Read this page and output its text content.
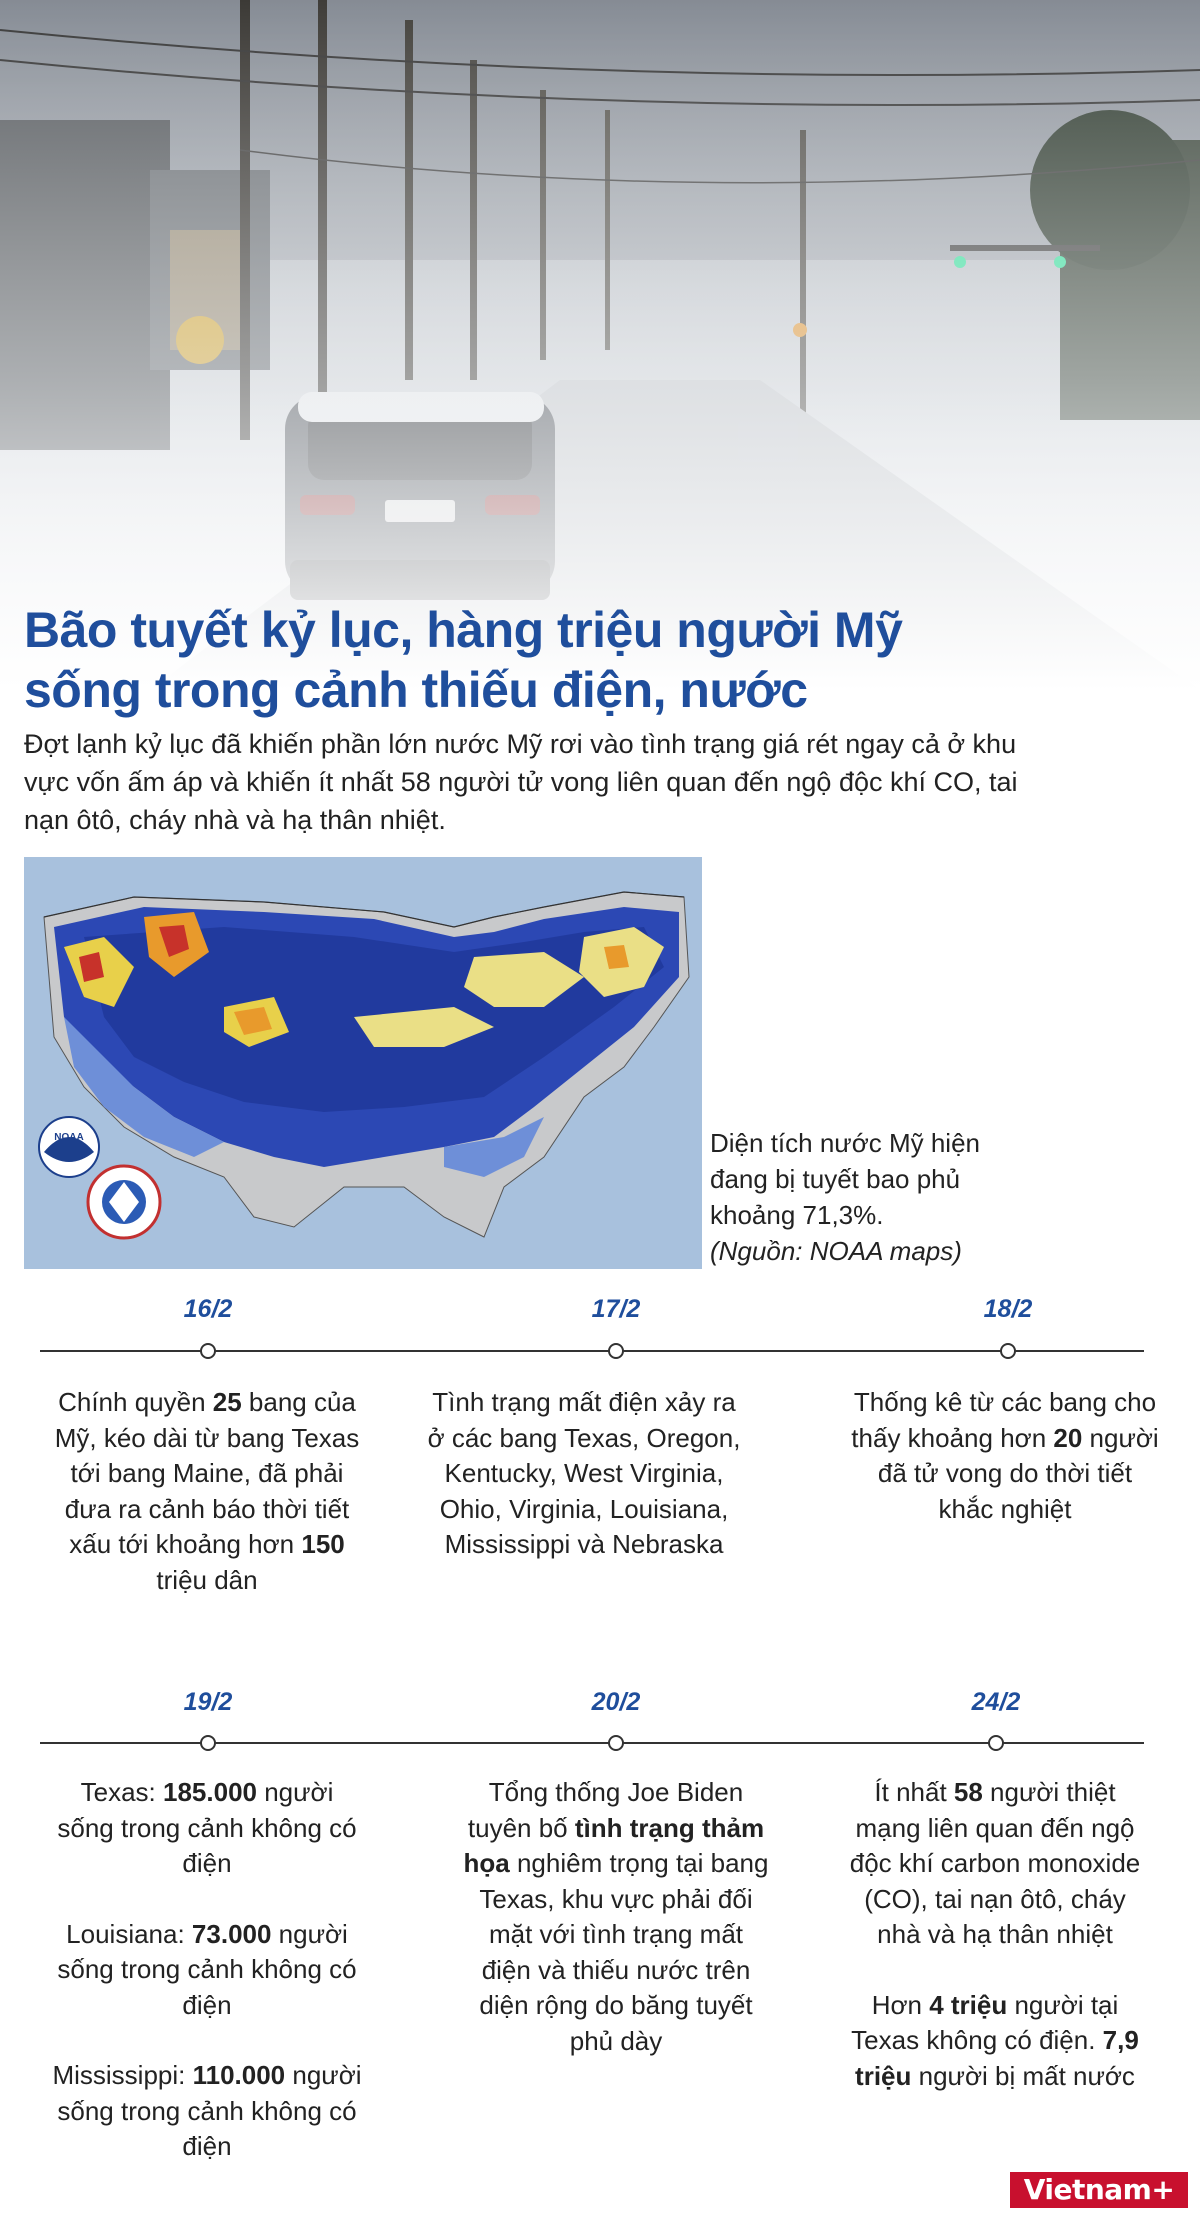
Bão tuyết kỷ lục, hàng triệu người Mỹ
sống trong cảnh thiếu điện, nước

Đợt lạnh kỷ lục đã khiến phần lớn nước Mỹ rơi vào tình trạng giá rét ngay cả ở khu vực vốn ấm áp và khiến ít nhất 58 người tử vong liên quan đến ngộ độc khí CO, tai nạn ôtô, cháy nhà và hạ thân nhiệt.

NOAA	Diện tích nước Mỹ hiện
đang bị tuyết bao phủ
khoảng 71,3%.
(Nguồn: NOAA maps)
16/2
Chính quyền 25 bang của Mỹ, kéo dài từ bang Texas tới bang Maine, đã phải đưa ra cảnh báo thời tiết xấu tới khoảng hơn 150 triệu dân
17/2
Tình trạng mất điện xảy ra ở các bang Texas, Oregon, Kentucky, West Virginia, Ohio, Virginia, Louisiana, Mississippi và Nebraska
18/2
Thống kê từ các bang cho thấy khoảng hơn 20 người đã tử vong do thời tiết khắc nghiệt
19/2

Texas: 185.000 người sống trong cảnh không có điện

Louisiana: 73.000 người sống trong cảnh không có điện

Mississippi: 110.000 người sống trong cảnh không có điện

20/2
Tổng thống Joe Biden tuyên bố tình trạng thảm họa nghiêm trọng tại bang Texas, khu vực phải đối mặt với tình trạng mất điện và thiếu nước trên diện rộng do băng tuyết phủ dày
24/2

Ít nhất 58 người thiệt mạng liên quan đến ngộ độc khí carbon monoxide (CO), tai nạn ôtô, cháy nhà và hạ thân nhiệt

Hơn 4 triệu người tại Texas không có điện. 7,9 triệu người bị mất nước

Vietnam+
